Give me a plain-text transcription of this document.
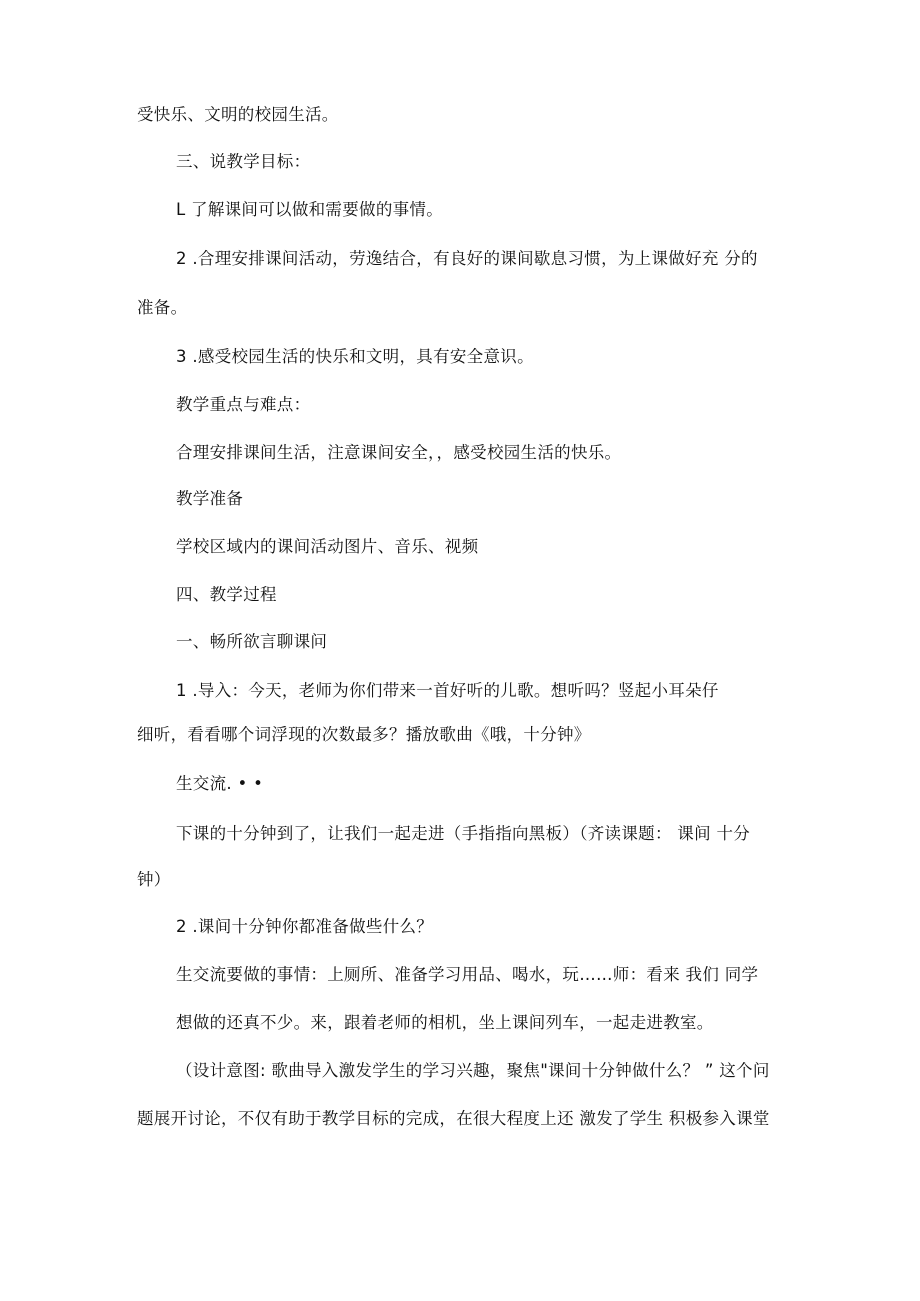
受快乐、文明的校园生活。
三、说教学目标：
L 了解课间可以做和需要做的事情。
2 .合理安排课间活动，劳逸结合，有良好的课间歇息习惯，为上课做好充 分的
准备。
3 .感受校园生活的快乐和文明，具有安全意识。
教学重点与难点：
合理安排课间生活，注意课间安全，，感受校园生活的快乐。
教学准备
学校区域内的课间活动图片、音乐、视频
四、教学过程
一、畅所欲言聊课问
1 .导入：今天，老师为你们带来一首好听的儿歌。想听吗？竖起小耳朵仔
细听，看看哪个词浮现的次数最多？播放歌曲《哦，十分钟》
生交流. • •
下课的十分钟到了，让我们一起走进（手指指向黑板）（齐读课题： 课间 十分
钟）
2 .课间十分钟你都准备做些什么？
生交流要做的事情：上厕所、准备学习用品、喝水，玩……师：看来 我们 同学
想做的还真不少。来，跟着老师的相机，坐上课间列车，一起走进教室。
（设计意图: 歌曲导入激发学生的学习兴趣，聚焦"课间十分钟做什么？ ” 这个问
题展开讨论，不仅有助于教学目标的完成，在很大程度上还 激发了学生 积极参入课堂
